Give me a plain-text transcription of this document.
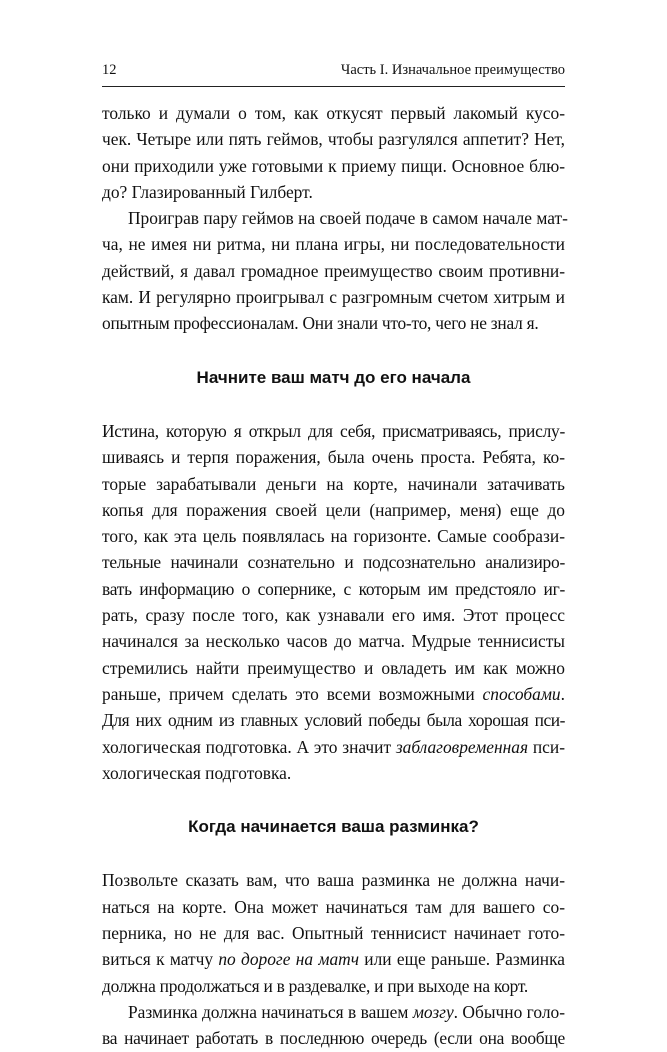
12	Часть I. Изначальное преимущество
только и думали о том, как откусят первый лакомый кусо-
чек. Четыре или пять геймов, чтобы разгулялся аппетит? Нет,
они приходили уже готовыми к приему пищи. Основное блю-
до? Глазированный Гилберт.
Проиграв пару геймов на своей подаче в самом начале мат-
ча, не имея ни ритма, ни плана игры, ни последовательности
действий, я давал громадное преимущество своим противни-
кам. И регулярно проигрывал с разгромным счетом хитрым и
опытным профессионалам. Они знали что-то, чего не знал я.
Начните ваш матч до его начала
Истина, которую я открыл для себя, присматриваясь, прислу-
шиваясь и терпя поражения, была очень проста. Ребята, ко-
торые зарабатывали деньги на корте, начинали затачивать
копья для поражения своей цели (например, меня) еще до
того, как эта цель появлялась на горизонте. Самые сообрази-
тельные начинали сознательно и подсознательно анализиро-
вать информацию о сопернике, с которым им предстояло иг-
рать, сразу после того, как узнавали его имя. Этот процесс
начинался за несколько часов до матча. Мудрые теннисисты
стремились найти преимущество и овладеть им как можно
раньше, причем сделать это всеми возможными способами.
Для них одним из главных условий победы была хорошая пси-
хологическая подготовка. А это значит заблаговременная пси-
хологическая подготовка.
Когда начинается ваша разминка?
Позвольте сказать вам, что ваша разминка не должна начи-
наться на корте. Она может начинаться там для вашего со-
перника, но не для вас. Опытный теннисист начинает гото-
виться к матчу по дороге на матч или еще раньше. Разминка
должна продолжаться и в раздевалке, и при выходе на корт.
Разминка должна начинаться в вашем мозгу. Обычно голо-
ва начинает работать в последнюю очередь (если она вообще
